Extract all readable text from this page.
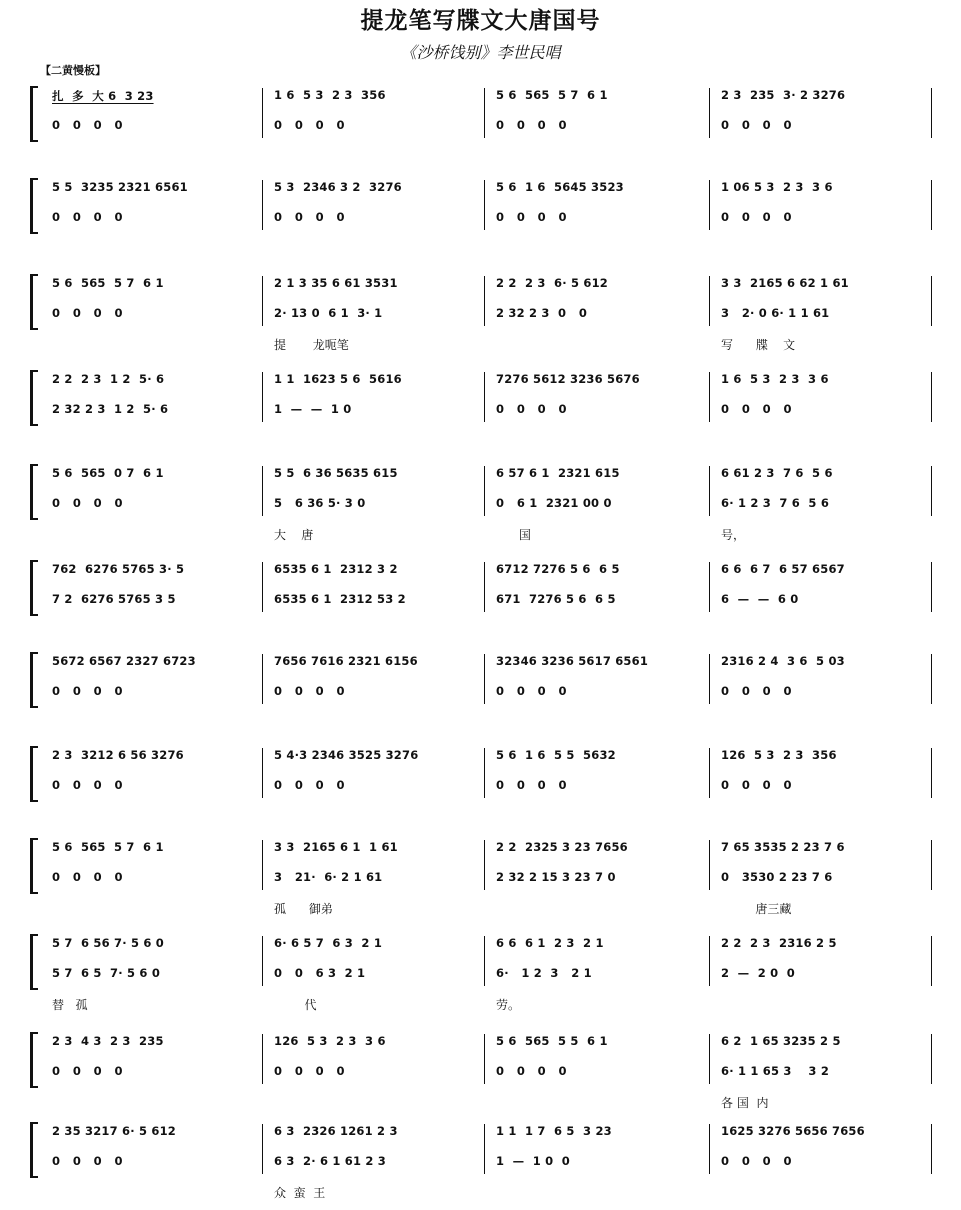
提龙笔写牒文大唐国号
《沙桥饯别》李世民唱
【二黄慢板】
扎  多  大 6  3 23
0   0   0   0
1 6  5 3  2 3  356
0   0   0   0
5 6  565  5 7  6 1
0   0   0   0
2 3  235  3· 2 3276
0   0   0   0
5 5  3235 2321 6561
0   0   0   0
5 3  2346 3 2  3276
0   0   0   0
5 6  1 6  5645 3523
0   0   0   0
1 06 5 3  2 3  3 6
0   0   0   0
5 6  565  5 7  6 1
0   0   0   0
2 1 3 35 6 61 3531
2· 13 0  6 1  3· 1
提       龙呃笔
2 2  2 3  6· 5 612
2 32 2 3  0   0
3 3  2165 6 62 1 61
3   2· 0 6· 1 1 61
写      牒    文
2 2  2 3  1 2  5· 6
2 32 2 3  1 2  5· 6
1 1  1623 5 6  5616
1  —  —  1 0
7276 5612 3236 5676
0   0   0   0
1 6  5 3  2 3  3 6
0   0   0   0
5 6  565  0 7  6 1
0   0   0   0
5 5  6 36 5635 615
5   6 36 5· 3 0
大    唐
6 57 6 1  2321 615
0   6 1  2321 00 0
国
6 61 2 3  7 6  5 6
6· 1 2 3  7 6  5 6
号，
762  6276 5765 3· 5
7 2  6276 5765 3 5
6535 6 1  2312 3 2
6535 6 1  2312 53 2
6712 7276 5 6  6 5
671  7276 5 6  6 5
6 6  6 7  6 57 6567
6  —  —  6 0
5672 6567 2327 6723
0   0   0   0
7656 7616 2321 6156
0   0   0   0
32346 3236 5617 6561
0   0   0   0
2316 2 4  3 6  5 03
0   0   0   0
2 3  3212 6 56 3276
0   0   0   0
5 4·3 2346 3525 3276
0   0   0   0
5 6  1 6  5 5  5632
0   0   0   0
126  5 3  2 3  356
0   0   0   0
5 6  565  5 7  6 1
0   0   0   0
3 3  2165 6 1  1 61
3   21·  6· 2 1 61
孤      御弟
2 2  2325 3 23 7656
2 32 2 15 3 23 7 0
7 65 3535 2 23 7 6
0   3530 2 23 7 6
唐三藏
5 7  6 56 7· 5 6 0
5 7  6 5  7· 5 6 0
替   孤
6· 6 5 7  6 3  2 1
0   0   6 3  2 1
代
6 6  6 1  2 3  2 1
6·   1 2  3   2 1
劳。
2 2  2 3  2316 2 5
2  —  2 0  0
2 3  4 3  2 3  235
0   0   0   0
126  5 3  2 3  3 6
0   0   0   0
5 6  565  5 5  6 1
0   0   0   0
6 2  1 65 3235 2 5
6· 1 1 65 3    3 2
各 国  内
2 35 3217 6· 5 612
0   0   0   0
6 3  2326 1261 2 3
6 3  2· 6 1 61 2 3
众  蛮  王
1 1  1 7  6 5  3 23
1  —  1 0  0
1625 3276 5656 7656
0   0   0   0
